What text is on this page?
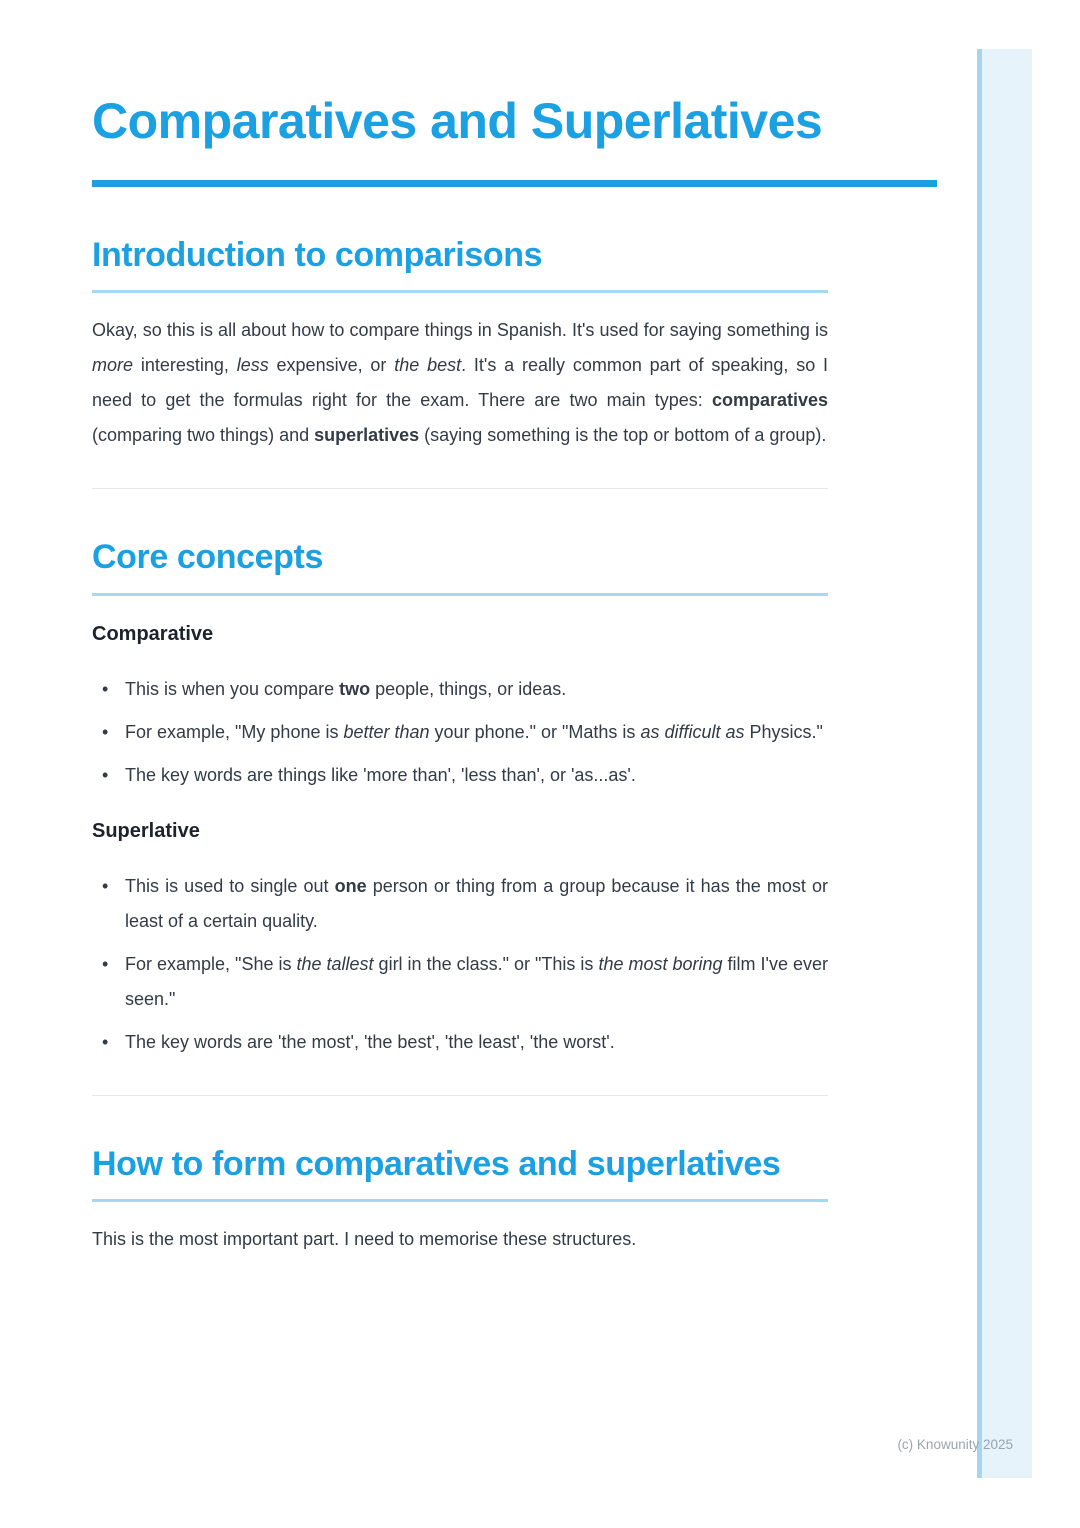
Comparatives and Superlatives
Introduction to comparisons

Okay, so this is all about how to compare things in Spanish. It's used for saying something is more interesting, less expensive, or the best. It's a really common part of speaking, so I need to get the formulas right for the exam. There are two main types: comparatives (comparing two things) and superlatives (saying something is the top or bottom of a group).

Core concepts
Comparative
• This is when you compare two people, things, or ideas.
• For example, "My phone is better than your phone." or "Maths is as difficult as Physics."
• The key words are things like 'more than', 'less than', or 'as...as'.
Superlative
• This is used to single out one person or thing from a group because it has the most or least of a certain quality.
• For example, "She is the tallest girl in the class." or "This is the most boring film I've ever seen."
• The key words are 'the most', 'the best', 'the least', 'the worst'.
How to form comparatives and superlatives

This is the most important part. I need to memorise these structures.

(c) Knowunity 2025
